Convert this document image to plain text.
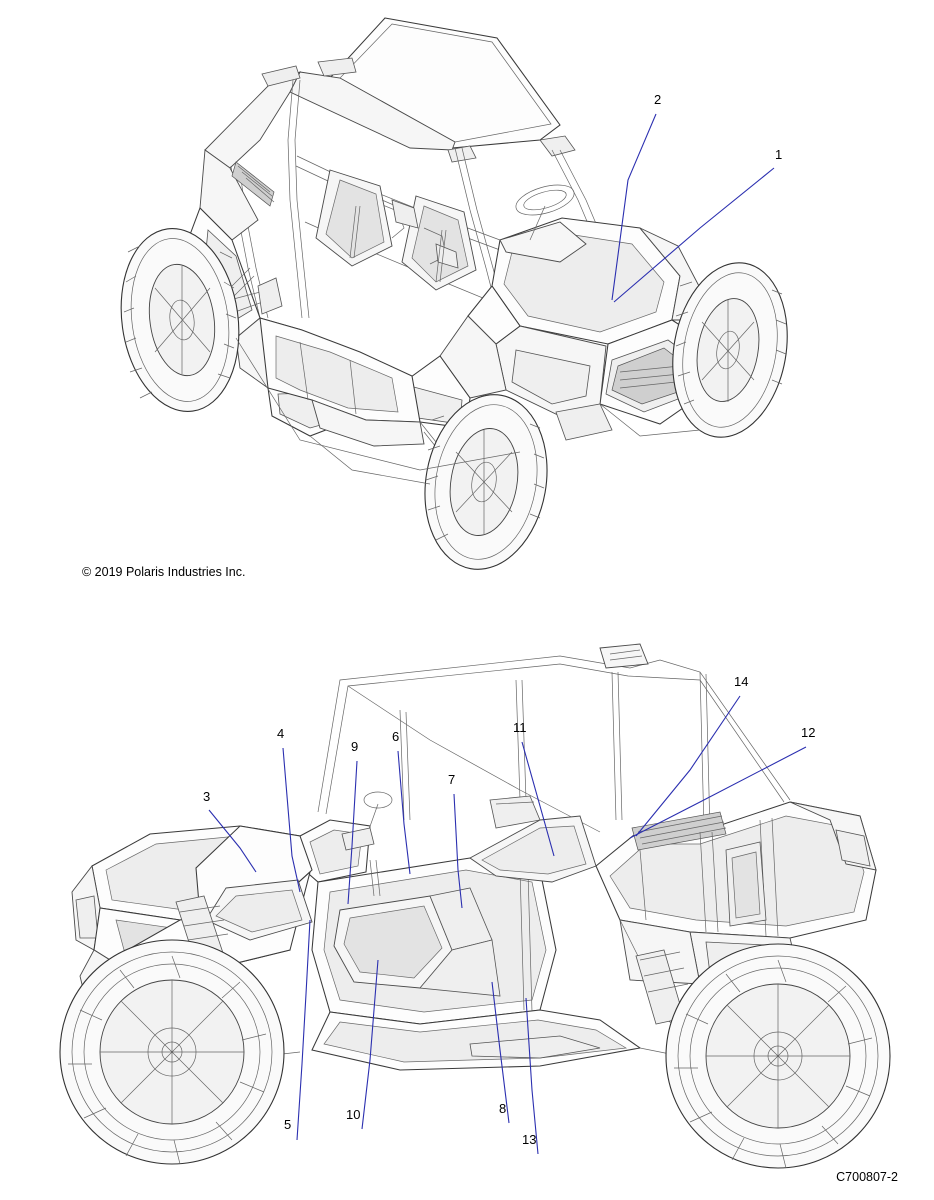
1
2
© 2019 Polaris Industries Inc.
3
4
5
6
7
8
9
10
11	12
13
14
C700807-2
